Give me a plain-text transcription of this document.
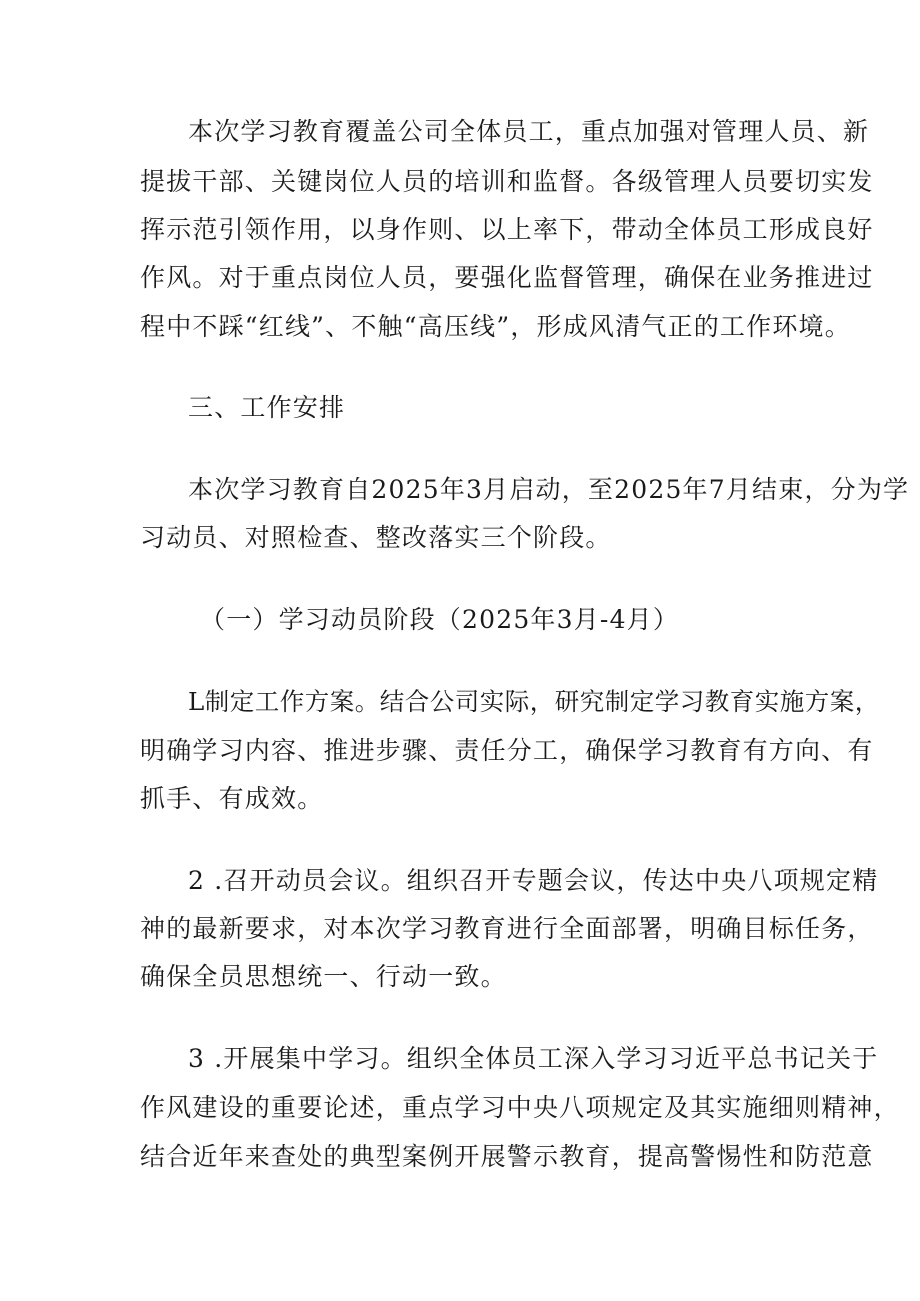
本次学习教育覆盖公司全体员工，重点加强对管理人员、新
提拔干部、关键岗位人员的培训和监督。各级管理人员要切实发
挥示范引领作用，以身作则、以上率下，带动全体员工形成良好
作风。对于重点岗位人员，要强化监督管理，确保在业务推进过
程中不踩“红线”、不触“高压线”，形成风清气正的工作环境。
三、工作安排
本次学习教育自2025年3月启动，至2025年7月结束，分为学
习动员、对照检查、整改落实三个阶段。
（一）学习动员阶段（2025年3月-4月）
L制定工作方案。结合公司实际，研究制定学习教育实施方案，
明确学习内容、推进步骤、责任分工，确保学习教育有方向、有
抓手、有成效。
2 .召开动员会议。组织召开专题会议，传达中央八项规定精
神的最新要求，对本次学习教育进行全面部署，明确目标任务，
确保全员思想统一、行动一致。
3 .开展集中学习。组织全体员工深入学习习近平总书记关于
作风建设的重要论述，重点学习中央八项规定及其实施细则精神，
结合近年来查处的典型案例开展警示教育，提高警惕性和防范意
